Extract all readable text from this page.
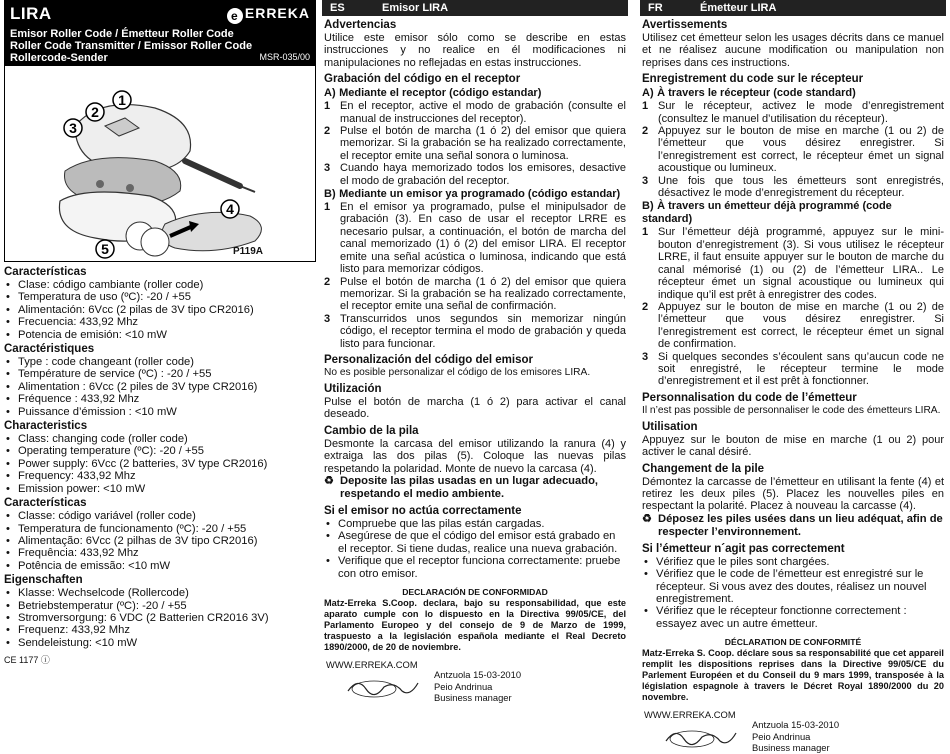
LIRA	e ERREKA
Emisor Roller Code / Émetteur Roller Code
Roller Code Transmitter / Emissor Roller Code
Rollercode-Sender	MSR-035/00
1
2
3
4
5	P119A
Características
• Clase: código cambiante (roller code)
• Temperatura de uso (ºC): -20 / +55
• Alimentación: 6Vcc (2 pilas de 3V tipo CR2016)
• Frecuencia: 433,92 Mhz
• Potencia de emisión: <10 mW
Caractéristiques
• Type : code changeant (roller code)
• Température de service (ºC) : -20 / +55
• Alimentation : 6Vcc (2 piles de 3V type CR2016)
• Fréquence : 433,92 Mhz
• Puissance d’émission : <10 mW
Characteristics
• Class: changing code (roller code)
• Operating temperature (ºC): -20 / +55
• Power supply: 6Vcc (2 batteries, 3V type CR2016)
• Frequency: 433,92 Mhz
• Emission power: <10 mW
Características
• Classe: código variável (roller code)
• Temperatura de funcionamento (ºC): -20 / +55
• Alimentação: 6Vcc (2 pilhas de 3V tipo CR2016)
• Frequência: 433,92 Mhz
• Potência de emissão: <10 mW
Eigenschaften
• Klasse: Wechselcode (Rollercode)
• Betriebstemperatur (ºC): -20 / +55
• Stromversorgung: 6 VDC (2 Batterien CR2016 3V)
• Frequenz: 433,92 Mhz
• Sendeleistung: <10 mW
CE 1177 ⓘ
ES	Emisor LIRA
Advertencias
Utilice este emisor sólo como se describe en estas instrucciones y no realice en él modificaciones ni manipulaciones no reflejadas en estas instrucciones.
Grabación del código en el receptor
A) Mediante el receptor (código estandar)
1 En el receptor, active el modo de grabación (consulte el manual de instrucciones del receptor).
2 Pulse el botón de marcha (1 ó 2) del emisor que quiera memorizar. Si la grabación se ha realizado correctamente, el receptor emite una señal sonora o luminosa.
3 Cuando haya memorizado todos los emisores, desactive el modo de grabación del receptor.
B) Mediante un emisor ya programado (código estandar)
1 En el emisor ya programado, pulse el minipulsador de grabación (3). En caso de usar el receptor LRRE es necesario pulsar, a continuación, el botón de marcha del canal memorizado (1) ó (2) del emisor LIRA. El receptor emite una señal acústica o luminosa, indicando que está listo para memorizar códigos.
2 Pulse el botón de marcha (1 ó 2) del emisor que quiera memorizar. Si la grabación se ha realizado correctamente, el receptor emite una señal de confirmación.
3 Transcurridos unos segundos sin memorizar ningún código, el receptor termina el modo de grabación y queda listo para funcionar.
Personalización del código del emisor
No es posible personalizar el código de los emisores LIRA.
Utilización
Pulse el botón de marcha (1 ó 2) para activar el canal deseado.
Cambio de la pila
Desmonte la carcasa del emisor utilizando la ranura (4) y extraiga las dos pilas (5). Coloque las nuevas pilas respetando la polaridad. Monte de nuevo la carcasa (4).
♻ Deposite las pilas usadas en un lugar adecuado, respetando el medio ambiente.
Si el emisor no actúa correctamente
• Compruebe que las pilas están cargadas.
• Asegúrese de que el código del emisor está grabado en el receptor. Si tiene dudas, realice una nueva grabación.
• Verifique que el receptor funciona correctamente: pruebe con otro emisor.
DECLARACIÓN DE CONFORMIDAD
Matz-Erreka S.Coop. declara, bajo su responsabilidad, que este aparato cumple con lo dispuesto en la Directiva 99/05/CE, del Parlamento Europeo y del consejo de 9 de Marzo de 1999, traspuesto a la legislación española mediante el Real Decreto 1890/2000, de 20 de noviembre.
WWW.ERREKA.COM
Antzuola 15-03-2010
Peio Andrinua
Business manager
FR	Émetteur LIRA
Avertissements
Utilisez cet émetteur selon les usages décrits dans ce manuel et ne réalisez aucune modification ou manipulation non reprises dans ces instructions.
Enregistrement du code sur le récepteur
A) À travers le récepteur (code standard)
1 Sur le récepteur, activez le mode d’enregistrement (consultez le manuel d’utilisation du récepteur).
2 Appuyez sur le bouton de mise en marche (1 ou 2) de l’émetteur que vous désirez enregistrer. Si l’enregistrement est correct, le récepteur émet un signal acoustique ou lumineux.
3 Une fois que tous les émetteurs sont enregistrés, désactivez le mode d’enregistrement du récepteur.
B) À travers un émetteur déjà programmé (code standard)
1 Sur l’émetteur déjà programmé, appuyez sur le mini-bouton d’enregistrement (3). Si vous utilisez le récepteur LRRE, il faut ensuite appuyer sur le bouton de marche du canal mémorisé (1) ou (2) de l’émetteur LIRA.. Le récepteur émet un signal acoustique ou lumineux qui indique qu’il est prêt à enregistrer des codes.
2 Appuyez sur le bouton de mise en marche (1 ou 2) de l’émetteur que vous désirez enregistrer. Si l’enregistrement est correct, le récepteur émet un signal de confirmation.
3 Si quelques secondes s’écoulent sans qu’aucun code ne soit enregistré, le récepteur termine le mode d’enregistrement et il est prêt à fonctionner.
Personnalisation du code de l’émetteur
Il n’est pas possible de personnaliser le code des émetteurs LIRA.
Utilisation
Appuyez sur le bouton de mise en marche (1 ou 2) pour activer le canal désiré.
Changement de la pile
Démontez la carcasse de l’émetteur en utilisant la fente (4) et retirez les deux piles (5). Placez les nouvelles piles en respectant la polarité. Placez à nouveau la carcasse (4).
♻ Déposez les piles usées dans un lieu adéquat, afin de respecter l’environnement.
Si l’émetteur n´agit pas correctement
• Vérifiez que le piles sont chargées.
• Vérifiez que le code de l’émetteur est enregistré sur le récepteur. Si vous avez des doutes, réalisez un nouvel enregistrement.
• Vérifiez que le récepteur fonctionne correctement : essayez avec un autre émetteur.
DÉCLARATION DE CONFORMITÉ
Matz-Erreka S. Coop. déclare sous sa responsabilité que cet appareil remplit les dispositions reprises dans la Directive 99/05/CE du Parlement Européen et du Conseil du 9 mars 1999, transposée à la législation espagnole à travers le Décret Royal 1890/2000 du 20 novembre.
WWW.ERREKA.COM
Antzuola 15-03-2010
Peio Andrinua
Business manager
